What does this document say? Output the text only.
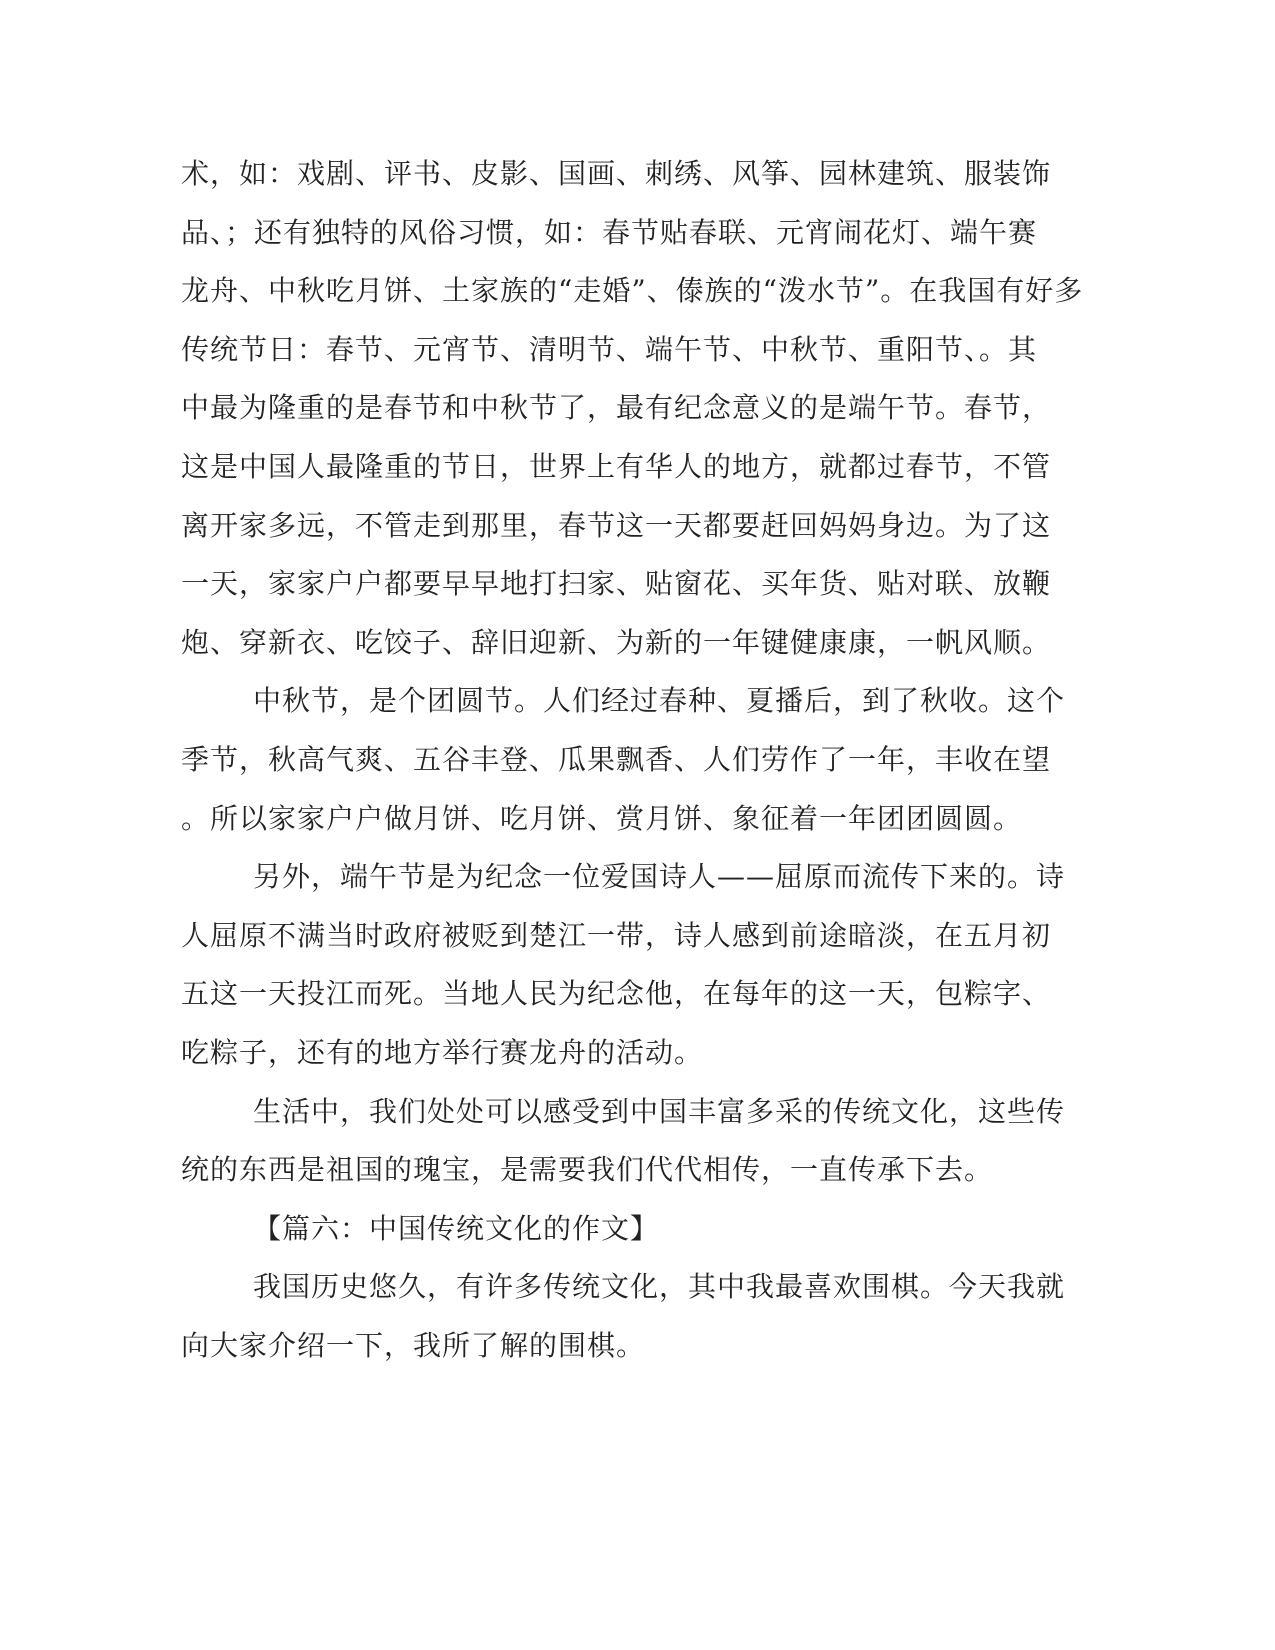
术，如：戏剧、评书、皮影、国画、刺绣、风筝、园林建筑、服装饰
品、；还有独特的风俗习惯，如：春节贴春联、元宵闹花灯、端午赛
龙舟、中秋吃月饼、土家族的“走婚”、傣族的“泼水节”。在我国有好多
传统节日：春节、元宵节、清明节、端午节、中秋节、重阳节、。其
中最为隆重的是春节和中秋节了，最有纪念意义的是端午节。春节，
这是中国人最隆重的节日，世界上有华人的地方，就都过春节，不管
离开家多远，不管走到那里，春节这一天都要赶回妈妈身边。为了这
一天，家家户户都要早早地打扫家、贴窗花、买年货、贴对联、放鞭
炮、穿新衣、吃饺子、辞旧迎新、为新的一年键健康康，一帆风顺。
中秋节，是个团圆节。人们经过春种、夏播后，到了秋收。这个
季节，秋高气爽、五谷丰登、瓜果飘香、人们劳作了一年，丰收在望
。所以家家户户做月饼、吃月饼、赏月饼、象征着一年团团圆圆。
另外，端午节是为纪念一位爱国诗人——屈原而流传下来的。诗
人屈原不满当时政府被贬到楚江一带，诗人感到前途暗淡，在五月初
五这一天投江而死。当地人民为纪念他，在每年的这一天，包粽字、
吃粽子，还有的地方举行赛龙舟的活动。
生活中，我们处处可以感受到中国丰富多采的传统文化，这些传
统的东西是祖国的瑰宝，是需要我们代代相传，一直传承下去。
【篇六：中国传统文化的作文】
我国历史悠久，有许多传统文化，其中我最喜欢围棋。今天我就
向大家介绍一下，我所了解的围棋。
